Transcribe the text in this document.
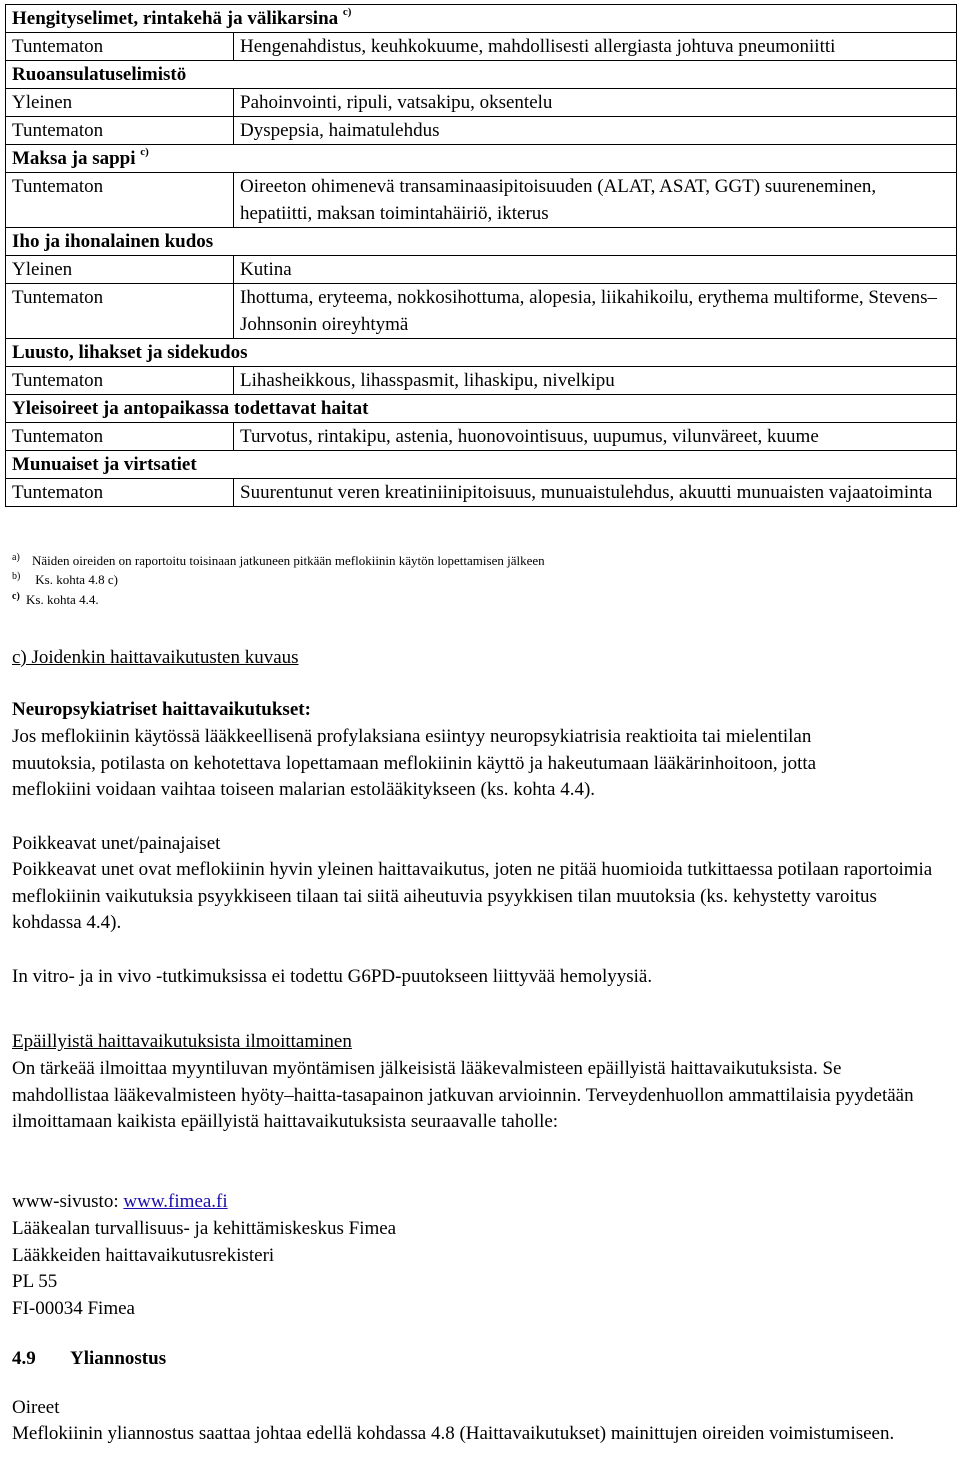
Hengityselimet, rintakehä ja välikarsina $^{c)}$
Tuntematon	Hengenahdistus, keuhkokuume, mahdollisesti allergiasta johtuva pneumoniitti
Ruoansulatuselimistö	
Yleinen	Pahoinvointi, ripuli, vatsakipu, oksentelu
Tuntematon	Dyspepsia, haimatulehdus
Maksa ja sappi $^{c)}$
Tuntematon	Oireeton ohimenevä transaminaasipitoisuuden (ALAT, ASAT, GGT) suureneminen, hepatiitti, maksan toimintahäiriö, ikterus
Iho ja ihonalainen kudos	
Yleinen	Kutina
Tuntematon	Ihottuma, eryteema, nokkosihottuma, alopesia, liikahikoilu, erythema multiforme, Stevens–Johnsonin oireyhtymä
Luusto, lihakset ja sidekudos	
Tuntematon	Lihasheikkous, lihasspasmit, lihaskipu, nivelkipu
Yleisoireet ja antopaikassa todettavat haitat	
Tuntematon	Turvotus, rintakipu, astenia, huonovointisuus, uupumus, vilunväreet, kuume
Munuaiset ja virtsatiet	
Tuntematon	Suurentunut veren kreatiniinipitoisuus, munuaistulehdus, akuutti munuaisten vajaatoiminta
a) Näiden oireiden on raportoitu toisinaan jatkuneen pitkään meflokiinin käytön lopettamisen jälkeen
b) Ks. kohta 4.8 c)
c) Ks. kohta 4.4.
c) Joidenkin haittavaikutusten kuvaus
Neuropsykiatriset haittavaikutukset:
Jos meflokiinin käytössä lääkkeellisenä profylaksiana esiintyy neuropsykiatrisia reaktioita tai mielentilan muutoksia, potilasta on kehotettava lopettamaan meflokiinin käyttö ja hakeutumaan lääkärinhoitoon, jotta meflokiini voidaan vaihtaa toiseen malarian estolääkitykseen (ks. kohta 4.4).
Poikkeavat unet/painajaiset
Poikkeavat unet ovat meflokiinin hyvin yleinen haittavaikutus, joten ne pitää huomioida tutkittaessa potilaan raportoimia meflokiinin vaikutuksia psyykkiseen tilaan tai siitä aiheutuvia psyykkisen tilan muutoksia (ks. kehystetty varoitus kohdassa 4.4).
In vitro- ja in vivo -tutkimuksissa ei todettu G6PD-puutokseen liittyvää hemolyysiä.
Epäillyistä haittavaikutuksista ilmoittaminen
On tärkeää ilmoittaa myyntiluvan myöntämisen jälkeisistä lääkevalmisteen epäillyistä haittavaikutuksista. Se mahdollistaa lääkevalmisteen hyöty–haitta-tasapainon jatkuvan arvioinnin. Terveydenhuollon ammattilaisia pyydetään ilmoittamaan kaikista epäillyistä haittavaikutuksista seuraavalle taholle:
www-sivusto: www.fimea.fi
Lääkealan turvallisuus- ja kehittämiskeskus Fimea
Lääkkeiden haittavaikutusrekisteri
PL 55
FI-00034 Fimea
4.9 Yliannostus
Oireet
Meflokiinin yliannostus saattaa johtaa edellä kohdassa 4.8 (Haittavaikutukset) mainittujen oireiden voimistumiseen.
